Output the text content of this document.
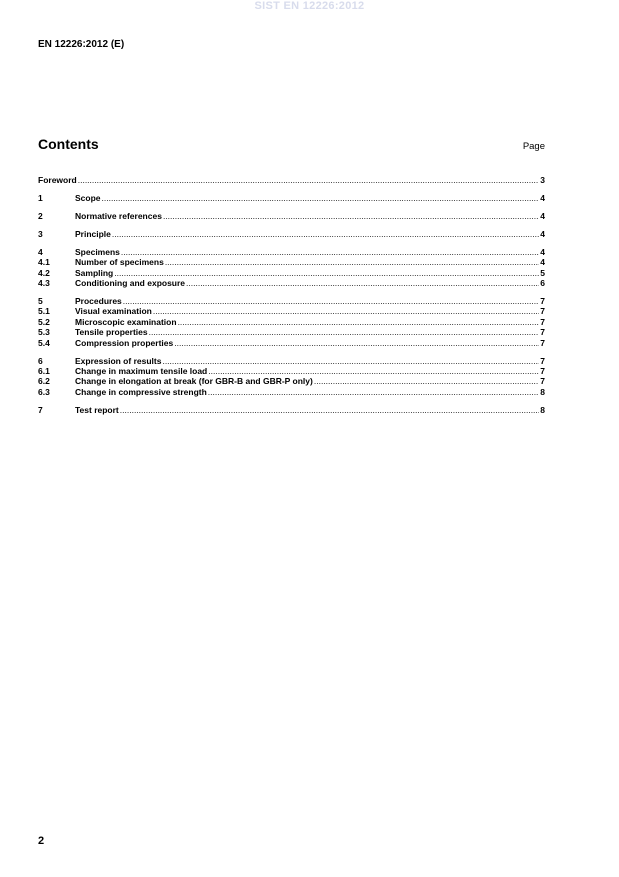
SIST EN 12226:2012
EN 12226:2012 (E)
Contents	Page
Foreword .....	3
1	Scope .....	4
2	Normative references .....	4
3	Principle .....	4
4	Specimens .....	4
4.1	Number of specimens .....	4
4.2	Sampling .....	5
4.3	Conditioning and exposure .....	6
5	Procedures .....	7
5.1	Visual examination .....	7
5.2	Microscopic examination .....	7
5.3	Tensile properties .....	7
5.4	Compression properties .....	7
6	Expression of results .....	7
6.1	Change in maximum tensile load .....	7
6.2	Change in elongation at break (for GBR-B and GBR-P only) .....	7
6.3	Change in compressive strength .....	8
7	Test report .....	8
2
